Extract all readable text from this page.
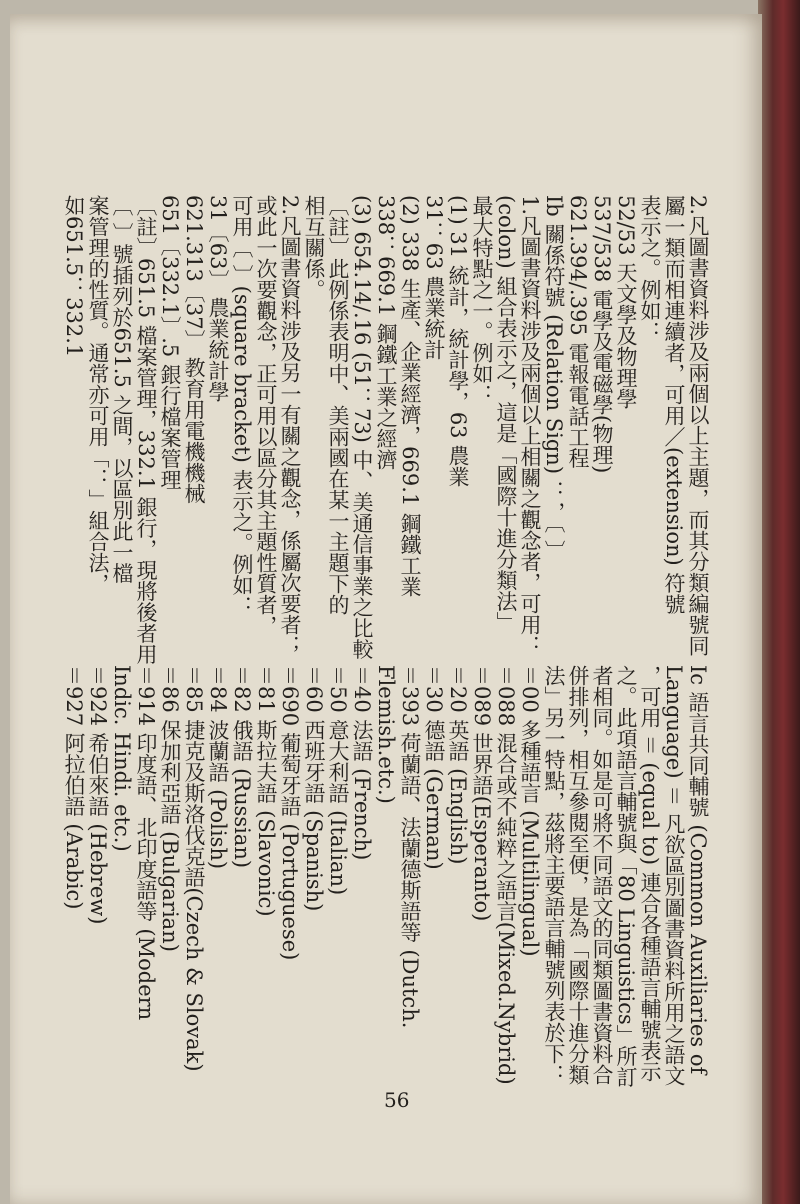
2.凡圖書資料涉及兩個以上主題，而其分類編號同
屬一類而相連續者，可用／(extension) 符號
表示之。例如：
52/53 天文學及物理學
537/538 電學及電磁學(物理)
621.394/.395 電報電話工程
Ib 關係符號 (Relation Sign) ：，〔 〕
1.凡圖書資料涉及兩個以上相關之觀念者，可用：
(colon) 組合表示之，這是「國際十進分類法」
最大特點之一。例如：
(1) 31 統計，統計學，63 農業
31：63 農業統計
(2) 338 生產、企業經濟，669.1 鋼鐵工業
338：669.1 鋼鐵工業之經濟
(3) 654.14/.16 (51：73) 中、美通信事業之比較
〔註〕此例係表明中、美兩國在某一主題下的
相互關係。
2.凡圖書資料涉及另一有關之觀念，係屬次要者；
或此一次要觀念，正可用以區分其主題性質者，
可用〔 〕(square bracket) 表示之。例如：
31〔63〕 農業統計學
621.313〔37〕 教育用電機機械
651〔332.1〕.5 銀行檔案管理
〔註〕651.5 檔案管理，332.1 銀行，現將後者用
〔 〕號插列於651.5 之間，以區別此一檔
案管理的性質。通常亦可用「：」組合法，
如651.5：332.1
Ic 語言共同輔號 (Common Auxiliaries of
Language) ＝ 凡欲區別圖書資料所用之語文
，可用 ＝ (equal to) 連合各種語言輔號表示
之。此項語言輔號與「80 Linguistics」所訂
者相同。如是可將不同語文的同類圖書資料合
併排列，相互參閱至便，是為「國際十進分類
法」另一特點，茲將主要語言輔號列表於下：
＝00 多種語言 (Multilingual)
＝088 混合或不純粹之語言(Mixed.Nybrid)
＝089 世界語(Esperanto)
＝20 英語 (English)
＝30 德語 (German)
＝393 荷蘭語、法蘭德斯語等 (Dutch.
Flemish.etc.)
＝40 法語 (French)
＝50 意大利語 (Italian)
＝60 西班牙語 (Spanish)
＝690 葡萄牙語 (Portuguese)
＝81 斯拉夫語 (Slavonic)
＝82 俄語 (Russian)
＝84 波蘭語 (Polish)
＝85 捷克及斯洛伐克語(Czech & Slovak)
＝86 保加利亞語 (Bulgarian)
＝914 印度語、北印度語等 (Modern
Indic. Hindi. etc.)
＝924 希伯來語 (Hebrew)
＝927 阿拉伯語 (Arabic)
56
